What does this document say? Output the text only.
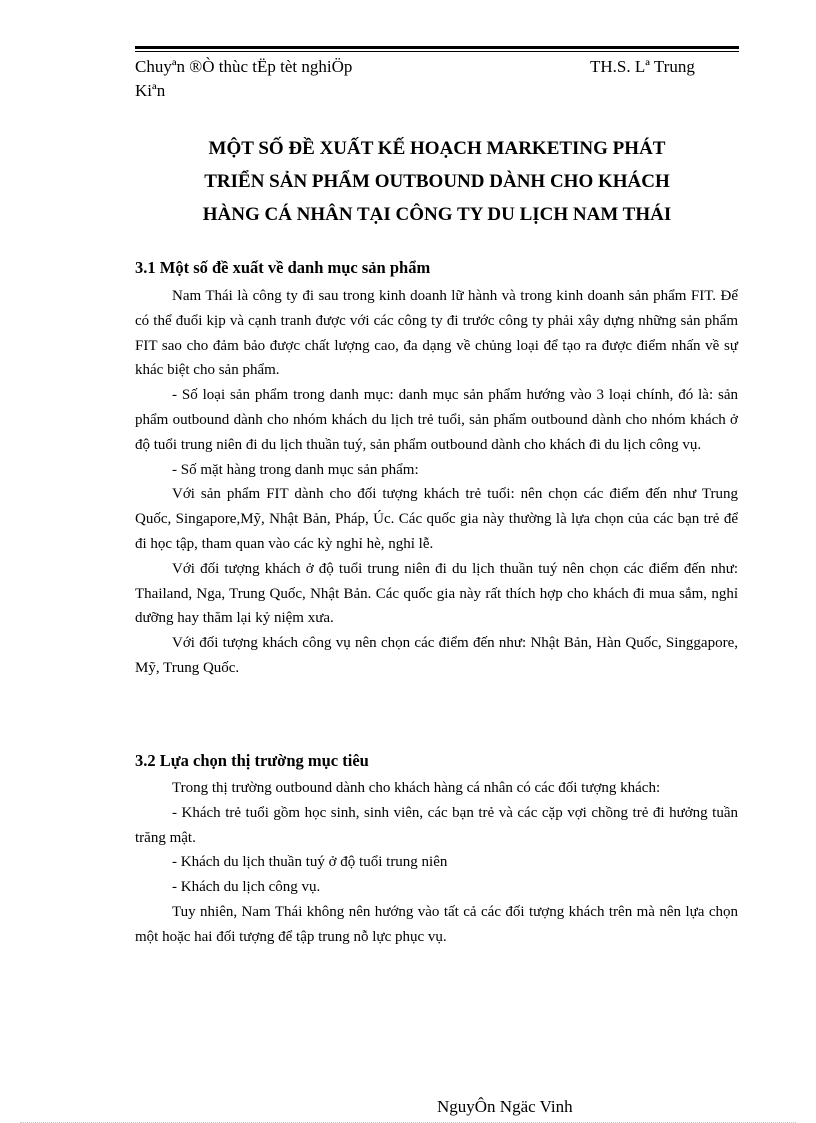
Chuyªn ®Ò thùc tËp tèt nghiÖp
Kiªn
TH.S. Lª Trung
MỘT SỐ ĐỀ XUẤT KẾ HOẠCH MARKETING PHÁT
TRIỂN SẢN PHẨM OUTBOUND DÀNH CHO KHÁCH
HÀNG CÁ NHÂN TẠI CÔNG TY DU LỊCH NAM THÁI
3.1 Một số đề xuất về danh mục sản phẩm

Nam Thái là công ty đi sau trong kinh doanh lữ hành và trong kinh doanh sản phẩm FIT. Để có thể đuổi kịp và cạnh tranh được với các công ty đi trước công ty phải xây dựng những sản phẩm FIT sao cho đảm bảo được chất lượng cao, đa dạng về chủng loại để tạo ra được điểm nhấn về sự khác biệt cho sản phẩm.

- Số loại sản phẩm trong danh mục: danh mục sản phẩm hướng vào 3 loại chính, đó là: sản phẩm outbound dành cho nhóm khách du lịch trẻ tuổi, sản phẩm outbound dành cho nhóm khách ở độ tuổi trung niên đi du lịch thuần tuý, sản phẩm outbound dành cho khách đi du lịch công vụ.

- Số mặt hàng trong danh mục sản phẩm:

Với sản phẩm FIT dành cho đối tượng khách trẻ tuổi: nên chọn các điểm đến như Trung Quốc, Singapore,Mỹ, Nhật Bản, Pháp, Úc. Các quốc gia này thường là lựa chọn của các bạn trẻ để đi học tập, tham quan vào các kỳ nghỉ hè, nghỉ lễ.

Với đối tượng khách ở độ tuổi trung niên đi du lịch thuần tuý nên chọn các điểm đến như: Thailand, Nga, Trung Quốc, Nhật Bản. Các quốc gia này rất thích hợp cho khách đi mua sắm, nghỉ dưỡng hay thăm lại kỷ niệm xưa.

Với đối tượng khách công vụ nên chọn các điểm đến như: Nhật Bản, Hàn Quốc, Singgapore, Mỹ, Trung Quốc.

3.2 Lựa chọn thị trường mục tiêu

Trong thị trường outbound dành cho khách hàng cá nhân có các đối tượng khách:

- Khách trẻ tuổi gồm học sinh, sinh viên, các bạn trẻ và các cặp vợi chồng trẻ đi hưởng tuần trăng mật.

- Khách du lịch thuần tuý ở độ tuổi trung niên

- Khách du lịch công vụ.

Tuy nhiên, Nam Thái không nên hướng vào tất cả các đối tượng khách trên mà nên lựa chọn một hoặc hai đối tượng để tập trung nỗ lực phục vụ.

NguyÔn Ngäc Vinh
